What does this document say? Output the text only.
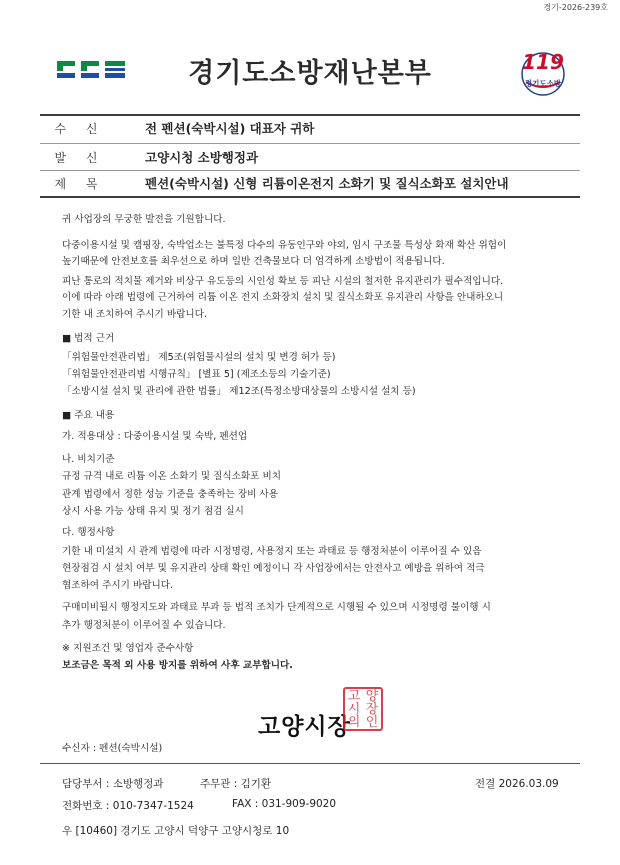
경기-2026-239호
경기도소방재난본부	119
경기도소방
수 신	전 펜션(숙박시설) 대표자 귀하
발 신	고양시청 소방행정과
제 목	펜션(숙박시설) 신형 리튬이온전지 소화기 및 질식소화포 설치안내
귀 사업장의 무궁한 발전을 기원합니다.
다중이용시설 및 캠핑장, 숙박업소는 불특정 다수의 유동인구와 야외, 임시 구조물 특성상 화재 확산 위험이
높기때문에 안전보호를 최우선으로 하며 일반 건축물보다 더 엄격하게 소방법이 적용됩니다.
피난 통로의 적치물 제거와 비상구 유도등의 시인성 확보 등 피난 시설의 철저한 유지관리가 필수적입니다.
이에 따라 아래 법령에 근거하여 리튬 이온 전지 소화장치 설치 및 질식소화포 유지관리 사항을 안내하오니
기한 내 조치하여 주시기 바랍니다.
■ 법적 근거
「위험물안전관리법」 제5조(위험물시설의 설치 및 변경 허가 등)
「위험물안전관리법 시행규칙」 [별표 5] (제조소등의 기술기준)
「소방시설 설치 및 관리에 관한 법률」 제12조(특정소방대상물의 소방시설 설치 등)
■ 주요 내용
가. 적용대상 : 다중이용시설 및 숙박, 펜션업
나. 비치기준
규정 규격 내로 리튬 이온 소화기 및 질식소화포 비치
관계 법령에서 정한 성능 기준을 충족하는 장비 사용
상시 사용 가능 상태 유지 및 정기 점검 실시
다. 행정사항
기한 내 미설치 시 관계 법령에 따라 시정명령, 사용정지 또는 과태료 등 행정처분이 이루어질 수 있음
현장점검 시 설치 여부 및 유지관리 상태 확인 예정이니 각 사업장에서는 안전사고 예방을 위하여 적극
협조하여 주시기 바랍니다.
구매미비될시 행정지도와 과태료 부과 등 법적 조치가 단계적으로 시행될 수 있으며 시정명령 불이행 시
추가 행정처분이 이루어질 수 있습니다.
※ 지원조건 및 영업자 준수사항
보조금은 목적 외 사용 방지를 위하여 사후 교부합니다.
고양시장
고 양
시 장
의 인
수신자 : 펜션(숙박시설)
담당부서 : 소방행정과	주무관 : 김기환	전결 2026.03.09
전화번호 : 010-7347-1524	FAX : 031-909-9020
우 [10460] 경기도 고양시 덕양구 고양시청로 10
